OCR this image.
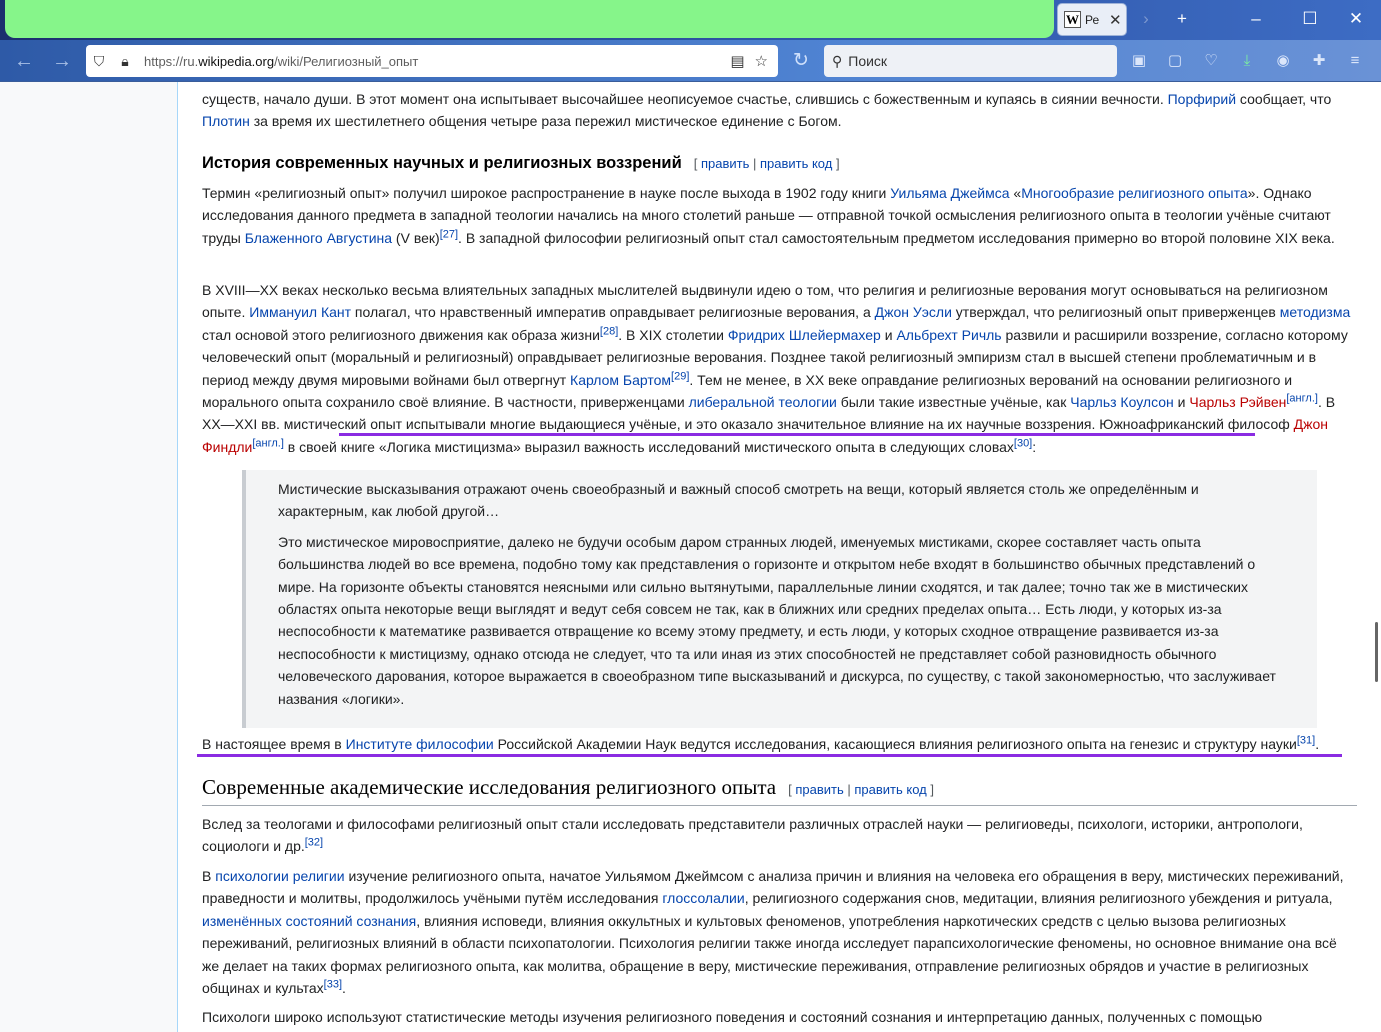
W Ре ✕	›	+	–	☐	✕
← →	⛉	🔒︎	https://ru.wikipedia.org/wiki/Религиозный_опыт	▤ ☆ ↻ ⚲ Поиск	▣ ▢ ♡	⤓	◉	✚	≡

существ, начало души. В этот момент она испытывает высочайшее неописуемое счастье, слившись с божественным и купаясь в сиянии вечности. Порфирий сообщает, что Плотин за время их шестилетнего общения четыре раза пережил мистическое единение с Богом.

История современных научных и религиозных воззрений [ править | править код ]

Термин «религиозный опыт» получил широкое распространение в науке после выхода в 1902 году книги Уильяма Джеймса «Многообразие религиозного опыта». Однако исследования данного предмета в западной теологии начались на много столетий раньше — отправной точкой осмысления религиозного опыта в теологии учёные считают труды Блаженного Августина (V век)[27]. В западной философии религиозный опыт стал самостоятельным предметом исследования примерно во второй половине XIX века.

В XVIII—XX веках несколько весьма влиятельных западных мыслителей выдвинули идею о том, что религия и религиозные верования могут основываться на религиозном опыте. Иммануил Кант полагал, что нравственный императив оправдывает религиозные верования, а Джон Уэсли утверждал, что религиозный опыт приверженцев методизма стал основой этого религиозного движения как образа жизни[28]. В XIX столетии Фридрих Шлейермахер и Альбрехт Ричль развили и расширили воззрение, согласно которому человеческий опыт (моральный и религиозный) оправдывает религиозные верования. Позднее такой религиозный эмпиризм стал в высшей степени проблематичным и в период между двумя мировыми войнами был отвергнут Карлом Бартом[29]. Тем не менее, в XX веке оправдание религиозных верований на основании религиозного и морального опыта сохранило своё влияние. В частности, приверженцами либеральной теологии были такие известные учёные, как Чарльз Коулсон и Чарльз Рэйвен[англ.]. В XX—XXI вв. мистический опыт испытывали многие выдающиеся учёные, и это оказало значительное влияние на их научные воззрения. Южноафриканский философ Джон Финдли[англ.] в своей книге «Логика мистицизма» выразил важность исследований мистического опыта в следующих словах[30]:

Мистические высказывания отражают очень своеобразный и важный способ смотреть на вещи, который является столь же определённым и характерным, как любой другой…

Это мистическое мировосприятие, далеко не будучи особым даром странных людей, именуемых мистиками, скорее составляет часть опыта большинства людей во все времена, подобно тому как представления о горизонте и открытом небе входят в большинство обычных представлений о мире. На горизонте объекты становятся неясными или сильно вытянутыми, параллельные линии сходятся, и так далее; точно так же в мистических областях опыта некоторые вещи выглядят и ведут себя совсем не так, как в ближних или средних пределах опыта… Есть люди, у которых из-за неспособности к математике развивается отвращение ко всему этому предмету, и есть люди, у которых сходное отвращение развивается из-за неспособности к мистицизму, однако отсюда не следует, что та или иная из этих способностей не представляет собой разновидность обычного человеческого дарования, которое выражается в своеобразном типе высказываний и дискурса, по существу, с такой закономерностью, что заслуживает названия «логики».

В настоящее время в Институте философии Российской Академии Наук ведутся исследования, касающиеся влияния религиозного опыта на генезис и структуру науки[31].

Современные академические исследования религиозного опыта [ править | править код ]

Вслед за теологами и философами религиозный опыт стали исследовать представители различных отраслей науки — религиоведы, психологи, историки, антропологи, социологи и др.[32]

В психологии религии изучение религиозного опыта, начатое Уильямом Джеймсом с анализа причин и влияния на человека его обращения в веру, мистических переживаний, праведности и молитвы, продолжилось учёными путём исследования глоссолалии, религиозного содержания снов, медитации, влияния религиозного убеждения и ритуала, изменённых состояний сознания, влияния исповеди, влияния оккультных и культовых феноменов, употребления наркотических средств с целью вызова религиозных переживаний, религиозных влияний в области психопатологии. Психология религии также иногда исследует парапсихологические феномены, но основное внимание она всё же делает на таких формах религиозного опыта, как молитва, обращение в веру, мистические переживания, отправление религиозных обрядов и участие в религиозных общинах и культах[33].

Психологи широко используют статистические методы изучения религиозного поведения и состояний сознания и интерпретацию данных, полученных с помощью
